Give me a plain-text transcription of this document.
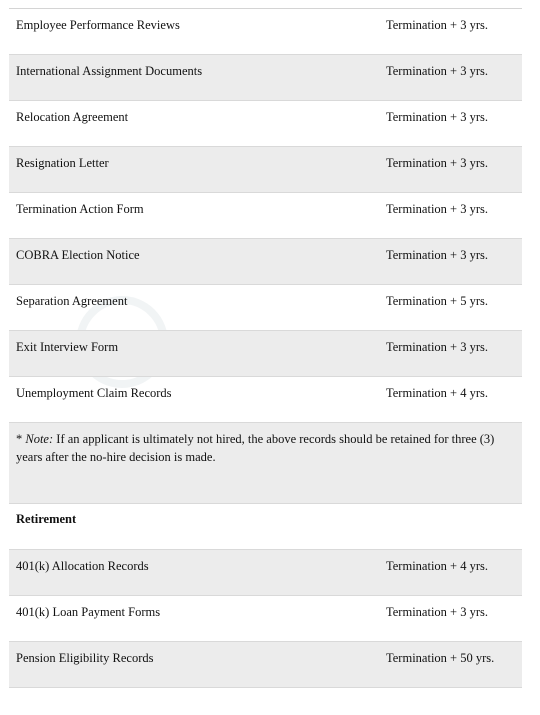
Employee Performance Reviews	Termination + 3 yrs.
International Assignment Documents	Termination + 3 yrs.
Relocation Agreement	Termination + 3 yrs.
Resignation Letter	Termination + 3 yrs.
Termination Action Form	Termination + 3 yrs.
COBRA Election Notice	Termination + 3 yrs.
Separation Agreement	Termination + 5 yrs.
Exit Interview Form	Termination + 3 yrs.
Unemployment Claim Records	Termination + 4 yrs.
* Note: If an applicant is ultimately not hired, the above records should be retained for three (3) years after the no-hire decision is made.
Retirement
401(k) Allocation Records	Termination + 4 yrs.
401(k) Loan Payment Forms	Termination + 3 yrs.
Pension Eligibility Records	Termination + 50 yrs.
